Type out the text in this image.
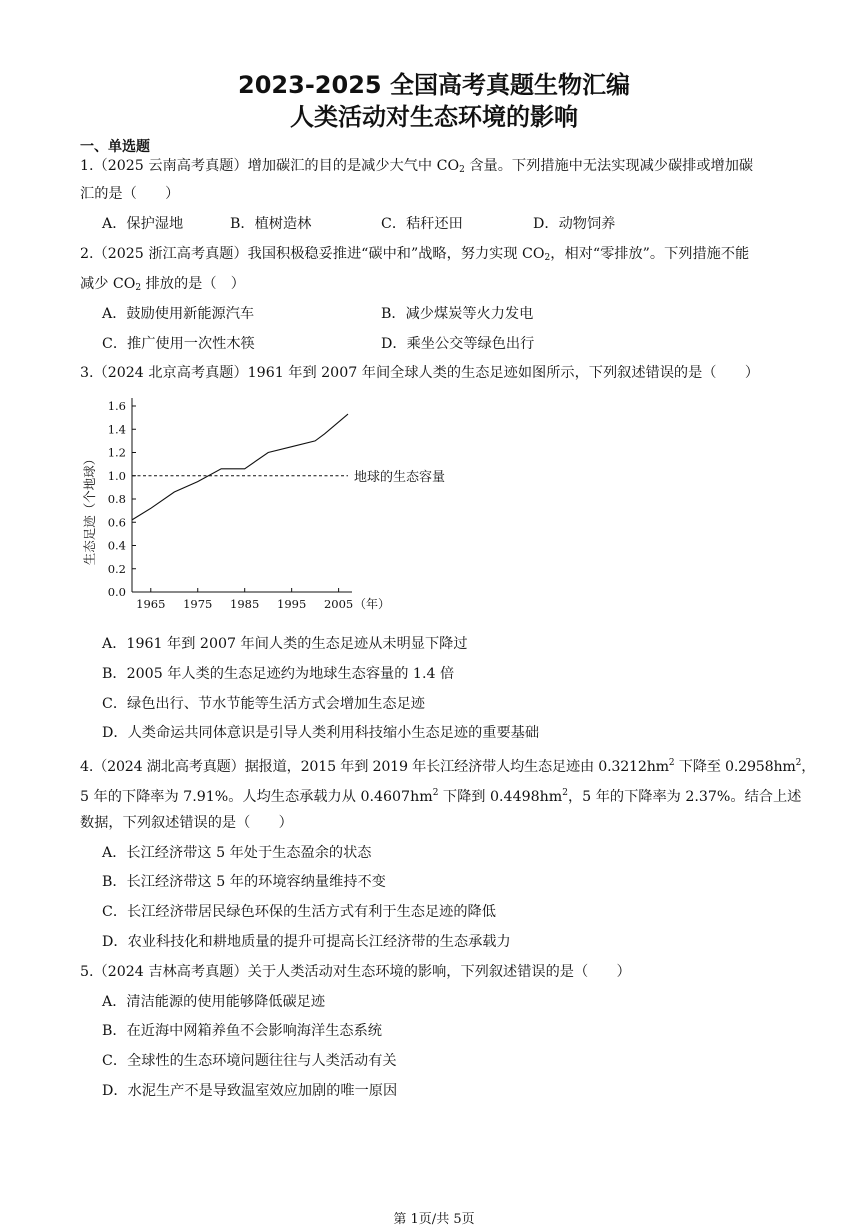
2023-2025 全国高考真题生物汇编
人类活动对生态环境的影响
一、单选题
1.（2025 云南高考真题）增加碳汇的目的是减少大气中 $CO_2$ 含量。下列措施中无法实现减少碳排或增加碳
汇的是（　　）
A．保护湿地	B．植树造林	C．秸秆还田	D．动物饲养
2.（2025 浙江高考真题）我国积极稳妥推进“碳中和”战略，努力实现 $CO_2$，相对“零排放”。下列措施不能
减少 $CO_2$ 排放的是（　）
A．鼓励使用新能源汽车	B．减少煤炭等火力发电
C．推广使用一次性木筷	D．乘坐公交等绿色出行
3.（2024 北京高考真题）1961 年到 2007 年间全球人类的生态足迹如图所示，下列叙述错误的是（　　）
生态足迹（个地球）
0.0
0.2
0.4
0.6
0.8
1.0
1.2
1.4
1.6
1965 1975 1985 1995 2005 （年）
地球的生态容量
A．1961 年到 2007 年间人类的生态足迹从未明显下降过
B．2005 年人类的生态足迹约为地球生态容量的 1.4 倍
C．绿色出行、节水节能等生活方式会增加生态足迹
D．人类命运共同体意识是引导人类利用科技缩小生态足迹的重要基础
4.（2024 湖北高考真题）据报道，2015 年到 2019 年长江经济带人均生态足迹由 $0.3212hm^2$ 下降至 $0.2958hm^2$，
5 年的下降率为 7.91%。人均生态承载力从 $0.4607hm^2$ 下降到 $0.4498hm^2$，5 年的下降率为 2.37%。结合上述
数据，下列叙述错误的是（　　）
A．长江经济带这 5 年处于生态盈余的状态
B．长江经济带这 5 年的环境容纳量维持不变
C．长江经济带居民绿色环保的生活方式有利于生态足迹的降低
D．农业科技化和耕地质量的提升可提高长江经济带的生态承载力
5.（2024 吉林高考真题）关于人类活动对生态环境的影响，下列叙述错误的是（　　）
A．清洁能源的使用能够降低碳足迹
B．在近海中网箱养鱼不会影响海洋生态系统
C．全球性的生态环境问题往往与人类活动有关
D．水泥生产不是导致温室效应加剧的唯一原因
第 1页/共 5页
